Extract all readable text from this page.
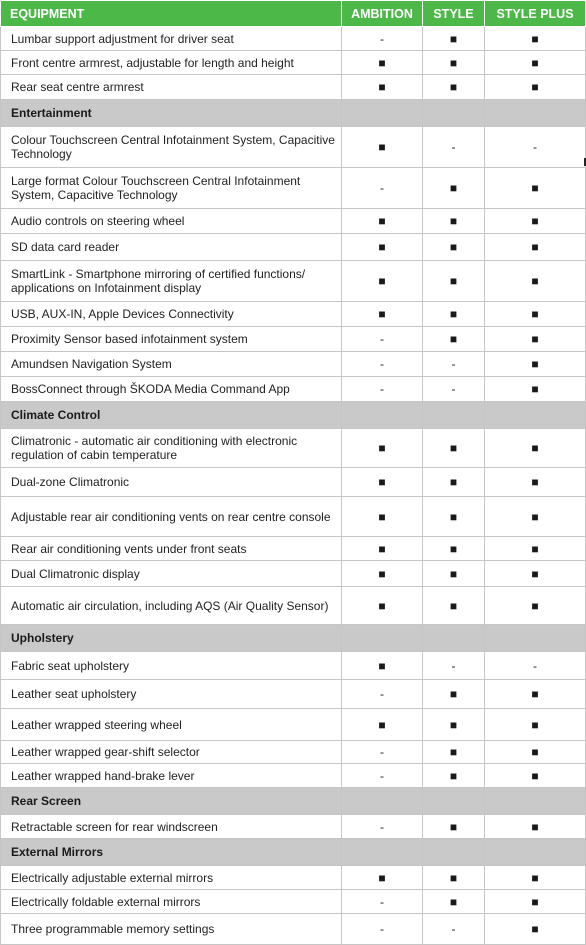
EQUIPMENT	AMBITION	STYLE	STYLE PLUS
Lumbar support adjustment for driver seat	-	■	■
Front centre armrest, adjustable for length and height	■	■	■
Rear seat centre armrest	■	■	■
Entertainment			
Colour Touchscreen Central Infotainment System, Capacitive Technology	■	-	-
Large format Colour Touchscreen Central Infotainment System, Capacitive Technology	-	■	■
Audio controls on steering wheel	■	■	■
SD data card reader	■	■	■
SmartLink - Smartphone mirroring of certified functions/ applications on Infotainment display	■	■	■
USB, AUX-IN, Apple Devices Connectivity	■	■	■
Proximity Sensor based infotainment system	-	■	■
Amundsen Navigation System	-	-	■
BossConnect through ŠKODA Media Command App	-	-	■
Climate Control			
Climatronic - automatic air conditioning with electronic regulation of cabin temperature	■	■	■
Dual-zone Climatronic	■	■	■
Adjustable rear air conditioning vents on rear centre console	■	■	■
Rear air conditioning vents under front seats	■	■	■
Dual Climatronic display	■	■	■
Automatic air circulation, including AQS (Air Quality Sensor)	■	■	■
Upholstery			
Fabric seat upholstery	■	-	-
Leather seat upholstery	-	■	■
Leather wrapped steering wheel	■	■	■
Leather wrapped gear-shift selector	-	■	■
Leather wrapped hand-brake lever	-	■	■
Rear Screen			
Retractable screen for rear windscreen	-	■	■
External Mirrors			
Electrically adjustable external mirrors	■	■	■
Electrically foldable external mirrors	-	■	■
Three programmable memory settings	-	-	■
